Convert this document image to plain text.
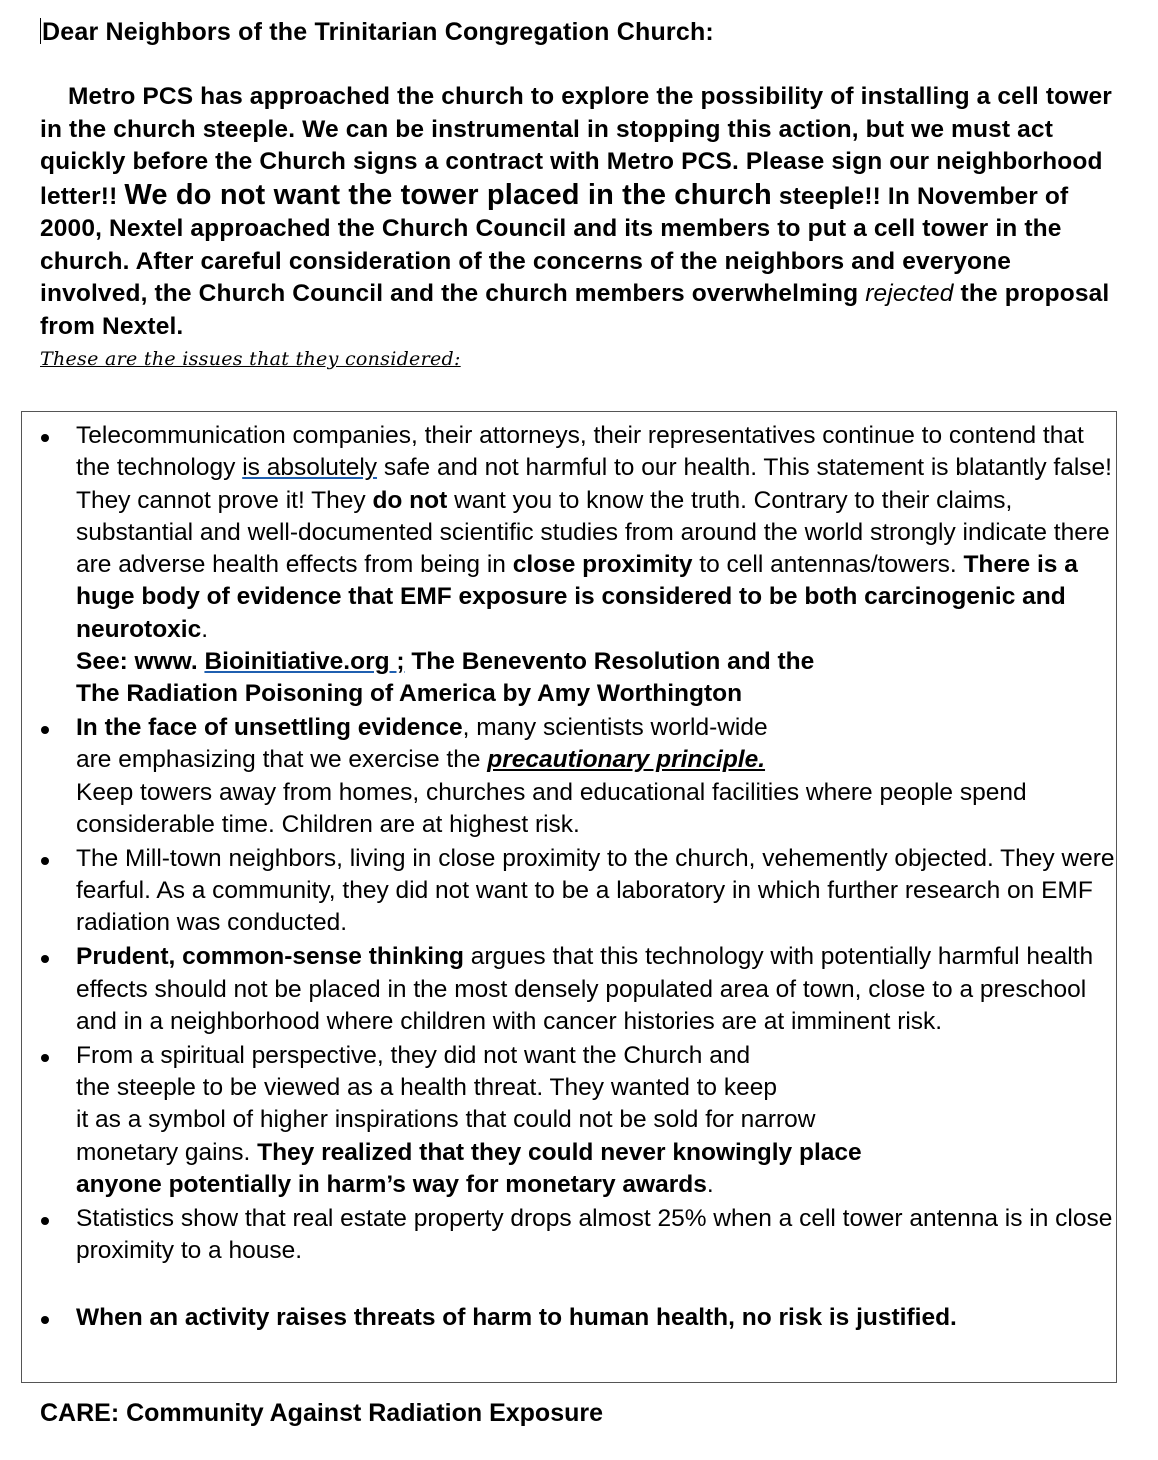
Dear Neighbors of the Trinitarian Congregation Church:

Metro PCS has approached the church to explore the possibility of installing a cell tower in the church steeple. We can be instrumental in stopping this action, but we must act quickly before the Church signs a contract with Metro PCS. Please sign our neighborhood letter!! We do not want the tower placed in the church steeple!! In November of 2000, Nextel approached the Church Council and its members to put a cell tower in the church. After careful consideration of the concerns of the neighbors and everyone involved, the Church Council and the church members overwhelming rejected the proposal from Nextel.

These are the issues that they considered:

Telecommunication companies, their attorneys, their representatives continue to contend that the technology is absolutely safe and not harmful to our health. This statement is blatantly false! They cannot prove it! They do not want you to know the truth. Contrary to their claims, substantial and well-documented scientific studies from around the world strongly indicate there are adverse health effects from being in close proximity to cell antennas/towers. There is a huge body of evidence that EMF exposure is considered to be both carcinogenic and neurotoxic.
See: www. Bioinitiative.org ; The Benevento Resolution and the
The Radiation Poisoning of America by Amy Worthington
In the face of unsettling evidence, many scientists world-wide
are emphasizing that we exercise the precautionary principle.
Keep towers away from homes, churches and educational facilities where people spend considerable time. Children are at highest risk.
The Mill-town neighbors, living in close proximity to the church, vehemently objected. They were fearful. As a community, they did not want to be a laboratory in which further research on EMF radiation was conducted.
Prudent, common-sense thinking argues that this technology with potentially harmful health effects should not be placed in the most densely populated area of town, close to a preschool and in a neighborhood where children with cancer histories are at imminent risk.
From a spiritual perspective, they did not want the Church and
the steeple to be viewed as a health threat. They wanted to keep
it as a symbol of higher inspirations that could not be sold for narrow
monetary gains. They realized that they could never knowingly place
anyone potentially in harm’s way for monetary awards.
Statistics show that real estate property drops almost 25% when a cell tower antenna is in close proximity to a house.
When an activity raises threats of harm to human health, no risk is justified.

CARE: Community Against Radiation Exposure
